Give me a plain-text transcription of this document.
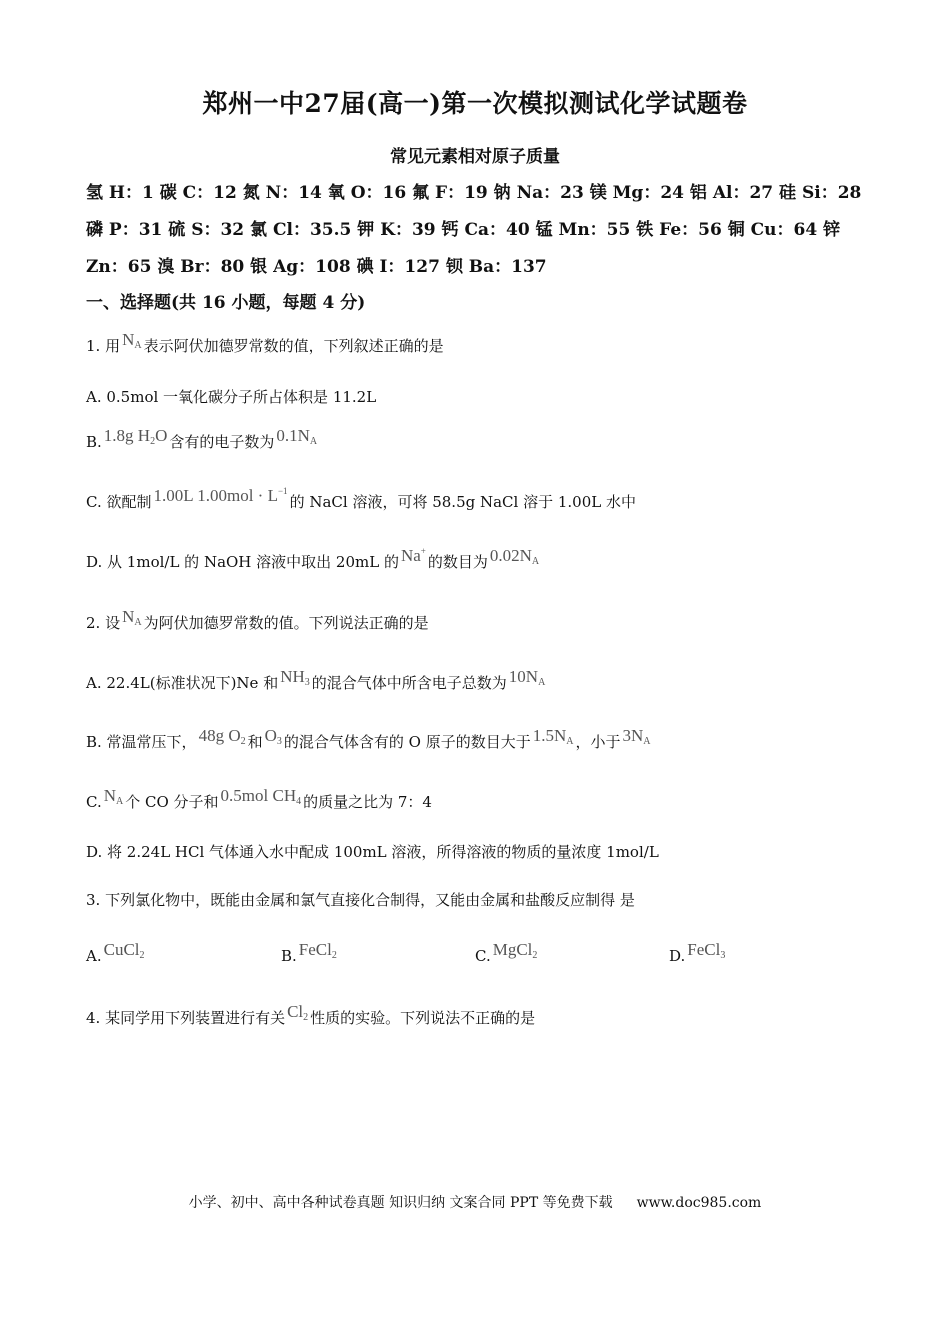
郑州一中27届(高一)第一次模拟测试化学试题卷
常见元素相对原子质量
氢 H：1 碳 C：12 氮 N：14 氧 O：16 氟 F：19 钠 Na：23 镁 Mg：24 铝 Al：27 硅 Si：28
磷 P：31 硫 S：32 氯 Cl：35.5 钾 K：39 钙 Ca：40 锰 Mn：55 铁 Fe：56 铜 Cu：64 锌
Zn：65 溴 Br：80 银 Ag：108 碘 I：127 钡 Ba：137
一、选择题(共 16 小题，每题 4 分)
1. 用 $N_A$ 表示阿伏加德罗常数的值，下列叙述正确的是
A. 0.5mol 一氧化碳分子所占体积是 11.2L
B. 1.8g $H_2O$ 含有的电子数为 $0.1N_A$
C. 欲配制 1.00L $1.00mol \cdot L^{-1}$的 NaCl 溶液，可将 58.5g NaCl 溶于 1.00L 水中
D. 从 1mol/L 的 NaOH 溶液中取出 20mL 的 Na+的数目为 $0.02N_A$
2. 设 $N_A$ 为阿伏加德罗常数的值。下列说法正确的是
A. 22.4L(标准状况下)Ne 和 $NH_3$ 的混合气体中所含电子总数为 $10N_A$
B. 常温常压下， 48g $O_2$ 和 $O_3$ 的混合气体含有的 O 原子的数目大于 $1.5N_A$ ，小于 $3N_A$
C. $N_A$ 个 CO 分子和 0.5mol $CH_4$ 的质量之比为 7：4
D. 将 2.24L HCl 气体通入水中配成 100mL 溶液，所得溶液的物质的量浓度 1mol/L
3. 下列氯化物中，既能由金属和氯气直接化合制得，又能由金属和盐酸反应制得 是
A. CuCl$_2$	B. FeCl$_2$	C. MgCl$_2$	D. FeCl$_3$
4. 某同学用下列装置进行有关 $Cl_2$ 性质的实验。下列说法不正确的是
小学、初中、高中各种试卷真题 知识归纳 文案合同 PPT 等免费下载 www.doc985.com
